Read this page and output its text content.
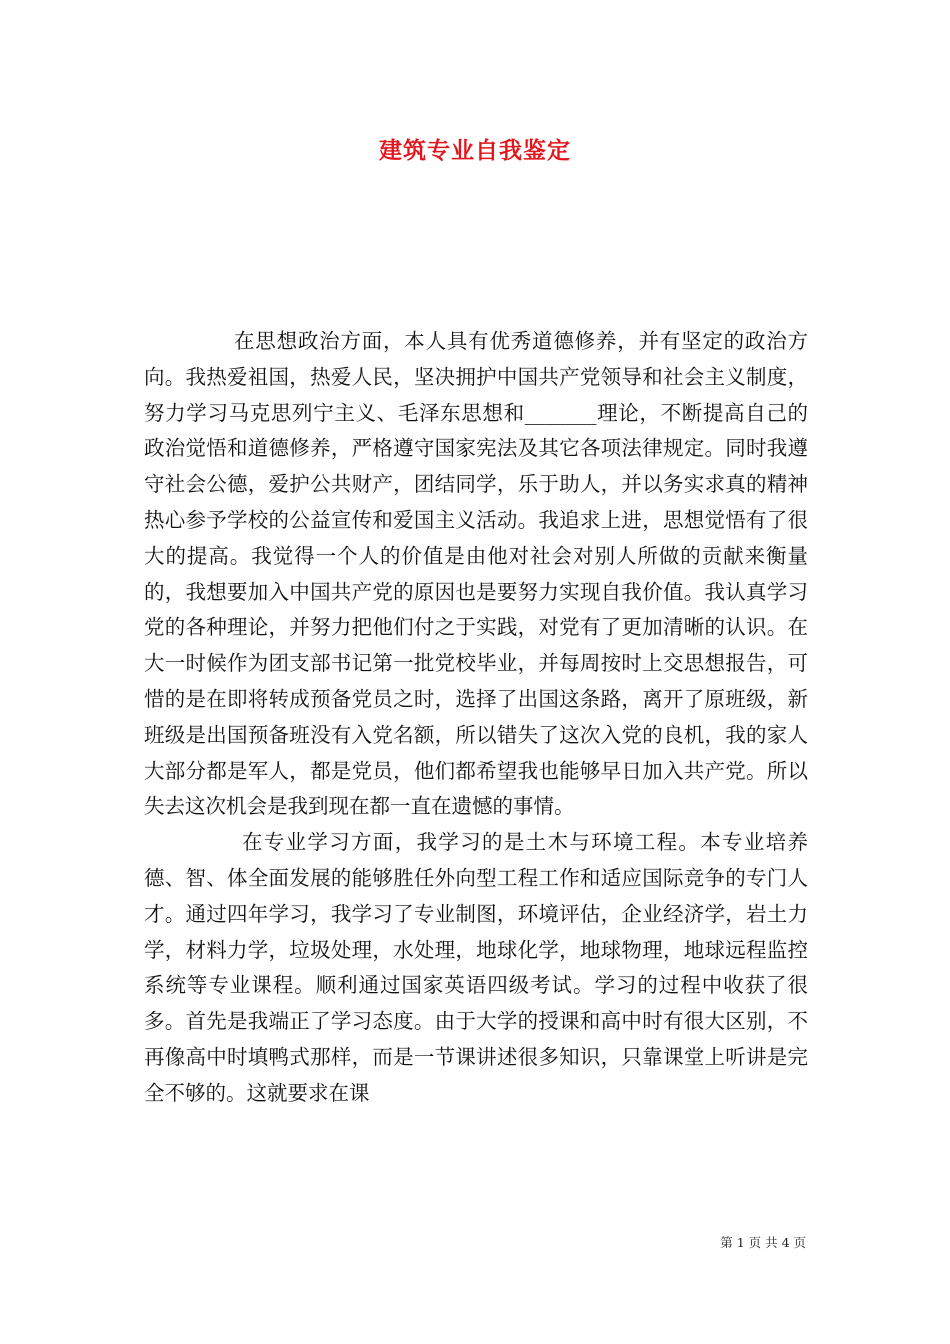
建筑专业自我鉴定

在思想政治方面，本人具有优秀道德修养，并有坚定的政治方向。我热爱祖国，热爱人民，坚决拥护中国共产党领导和社会主义制度，努力学习马克思列宁主义、毛泽东思想和_______理论，不断提高自己的政治觉悟和道德修养，严格遵守国家宪法及其它各项法律规定。同时我遵守社会公德，爱护公共财产，团结同学，乐于助人，并以务实求真的精神热心参予学校的公益宣传和爱国主义活动。我追求上进，思想觉悟有了很大的提高。我觉得一个人的价值是由他对社会对别人所做的贡献来衡量的，我想要加入中国共产党的原因也是要努力实现自我价值。我认真学习党的各种理论，并努力把他们付之于实践，对党有了更加清晰的认识。在大一时候作为团支部书记第一批党校毕业，并每周按时上交思想报告，可惜的是在即将转成预备党员之时，选择了出国这条路，离开了原班级，新班级是出国预备班没有入党名额，所以错失了这次入党的良机，我的家人大部分都是军人，都是党员，他们都希望我也能够早日加入共产党。所以失去这次机会是我到现在都一直在遗憾的事情。

在专业学习方面，我学习的是土木与环境工程。本专业培养德、智、体全面发展的能够胜任外向型工程工作和适应国际竞争的专门人才。通过四年学习，我学习了专业制图，环境评估，企业经济学，岩土力学，材料力学，垃圾处理，水处理，地球化学，地球物理，地球远程监控系统等专业课程。顺利通过国家英语四级考试。学习的过程中收获了很多。首先是我端正了学习态度。由于大学的授课和高中时有很大区别，不再像高中时填鸭式那样，而是一节课讲述很多知识，只靠课堂上听讲是完全不够的。这就要求在课

第 1 页 共 4 页
